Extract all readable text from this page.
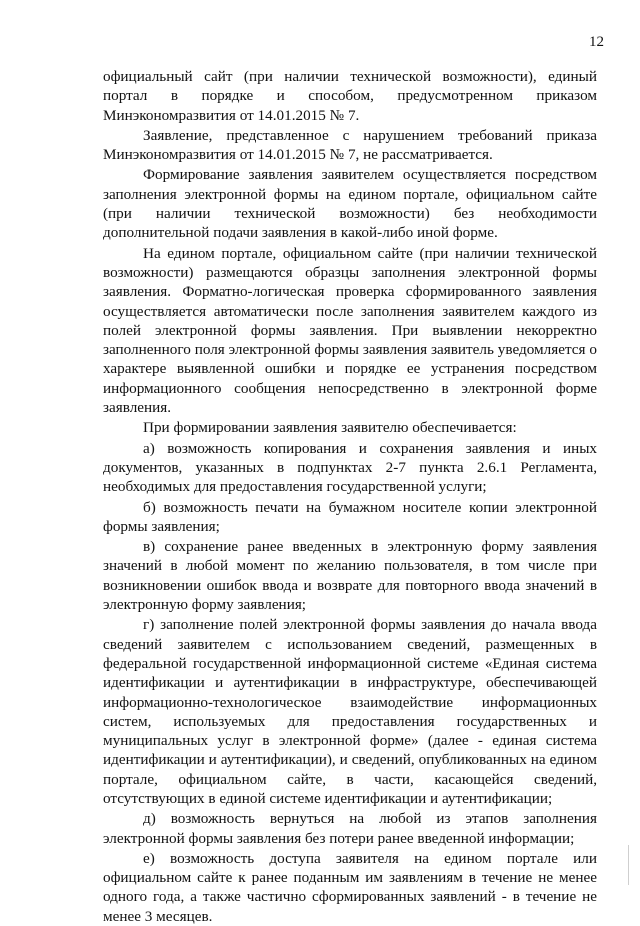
12

официальный сайт (при наличии технической возможности), единый портал в порядке и способом, предусмотренном приказом Минэкономразвития от 14.01.2015 № 7.

Заявление, представленное с нарушением требований приказа Минэкономразвития от 14.01.2015 № 7, не рассматривается.

Формирование заявления заявителем осуществляется посредством заполнения электронной формы на едином портале, официальном сайте (при наличии технической возможности) без необходимости дополнительной подачи заявления в какой-либо иной форме.

На едином портале, официальном сайте (при наличии технической возможности) размещаются образцы заполнения электронной формы заявления. Форматно-логическая проверка сформированного заявления осуществляется автоматически после заполнения заявителем каждого из полей электронной формы заявления. При выявлении некорректно заполненного поля электронной формы заявления заявитель уведомляется о характере выявленной ошибки и порядке ее устранения посредством информационного сообщения непосредственно в электронной форме заявления.

При формировании заявления заявителю обеспечивается:

а) возможность копирования и сохранения заявления и иных документов, указанных в подпунктах 2-7 пункта 2.6.1 Регламента, необходимых для предоставления государственной услуги;

б) возможность печати на бумажном носителе копии электронной формы заявления;

в) сохранение ранее введенных в электронную форму заявления значений в любой момент по желанию пользователя, в том числе при возникновении ошибок ввода и возврате для повторного ввода значений в электронную форму заявления;

г) заполнение полей электронной формы заявления до начала ввода сведений заявителем с использованием сведений, размещенных в федеральной государственной информационной системе «Единая система идентификации и аутентификации в инфраструктуре, обеспечивающей информационно-технологическое взаимодействие информационных систем, используемых для предоставления государственных и муниципальных услуг в электронной форме» (далее - единая система идентификации и аутентификации), и сведений, опубликованных на едином портале, официальном сайте, в части, касающейся сведений, отсутствующих в единой системе идентификации и аутентификации;

д) возможность вернуться на любой из этапов заполнения электронной формы заявления без потери ранее введенной информации;

е) возможность доступа заявителя на едином портале или официальном сайте к ранее поданным им заявлениям в течение не менее одного года, а также частично сформированных заявлений - в течение не менее 3 месяцев.
